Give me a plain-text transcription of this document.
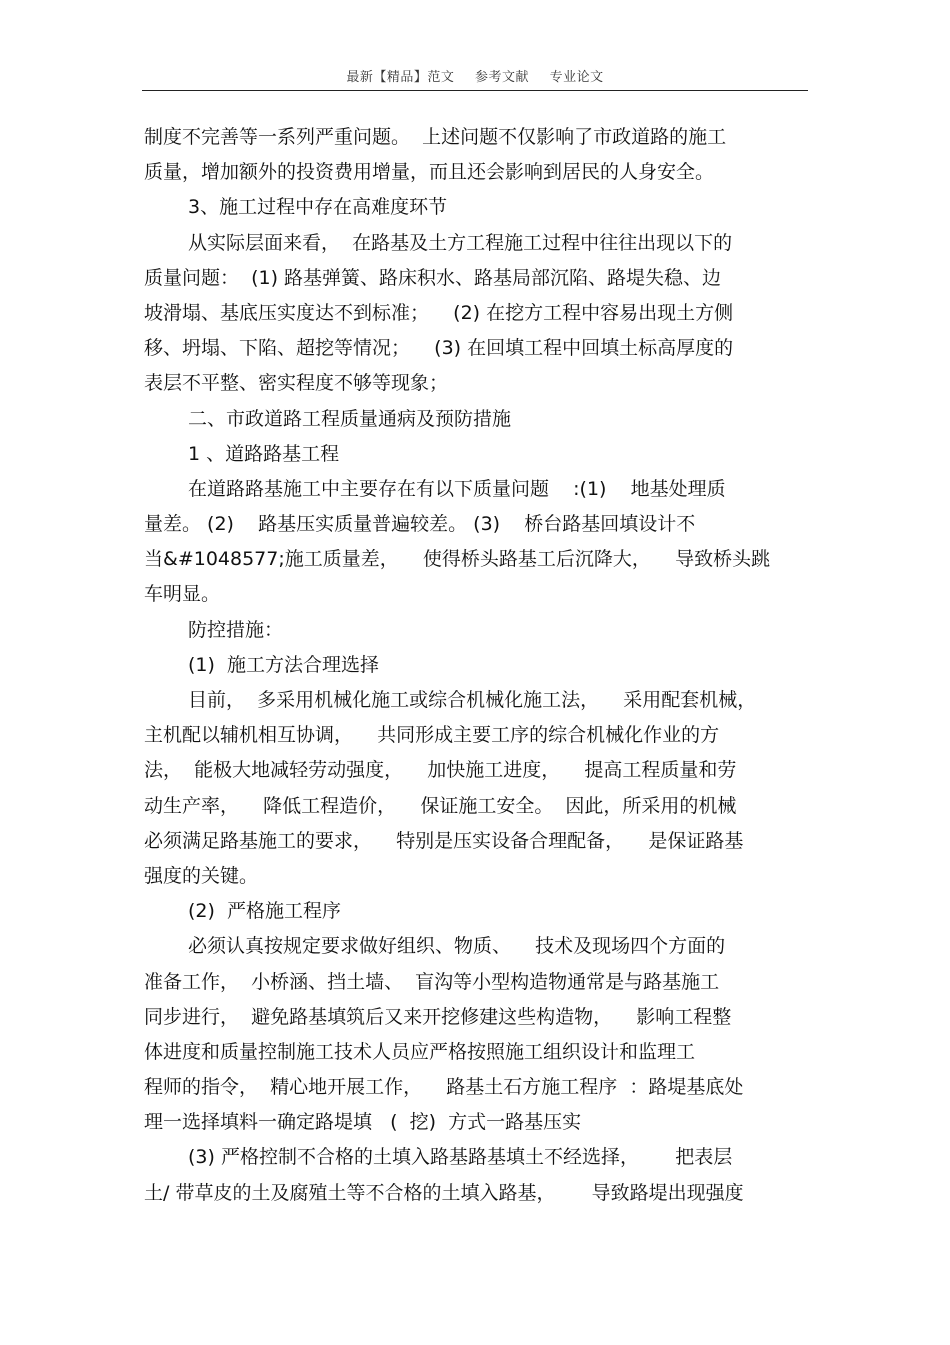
最新【精品】范文 参考文献 专业论文
制度不完善等一系列严重问题。  上述问题不仅影响了市政道路的施工
质量，增加额外的投资费用增量，而且还会影响到居民的人身安全。
3、施工过程中存在高难度环节
从实际层面来看，  在路基及土方工程施工过程中往往出现以下的
质量问题：  (1) 路基弹簧、路床积水、路基局部沉陷、路堤失稳、边
坡滑塌、基底压实度达不到标准；    (2) 在挖方工程中容易出现土方侧
移、坍塌、下陷、超挖等情况；    (3) 在回填工程中回填土标高厚度的
表层不平整、密实程度不够等现象；
二、市政道路工程质量通病及预防措施
1 、道路路基工程
在道路路基施工中主要存在有以下质量问题    :(1)    地基处理质
量差。 (2)    路基压实质量普遍较差。 (3)    桥台路基回填设计不
当&#1048577;施工质量差，    使得桥头路基工后沉降大，    导致桥头跳
车明显。
防控措施：
(1)  施工方法合理选择
目前，  多采用机械化施工或综合机械化施工法，    采用配套机械，
主机配以辅机相互协调，    共同形成主要工序的综合机械化作业的方
法，  能极大地减轻劳动强度，    加快施工进度，    提高工程质量和劳
动生产率，    降低工程造价，    保证施工安全。  因此，所采用的机械
必须满足路基施工的要求，    特别是压实设备合理配备，    是保证路基
强度的关键。
(2)  严格施工程序
必须认真按规定要求做好组织、物质、    技术及现场四个方面的
准备工作，  小桥涵、挡土墙、  盲沟等小型构造物通常是与路基施工
同步进行，  避免路基填筑后又来开挖修建这些构造物，    影响工程整
体进度和质量控制施工技术人员应严格按照施工组织设计和监理工
程师的指令，  精心地开展工作，    路基土石方施工程序  ：路堤基底处
理一选择填料一确定路堤填   (  挖)  方式一路基压实
(3) 严格控制不合格的土填入路基路基填土不经选择，      把表层
土/ 带草皮的土及腐殖土等不合格的土填入路基，      导致路堤出现强度
